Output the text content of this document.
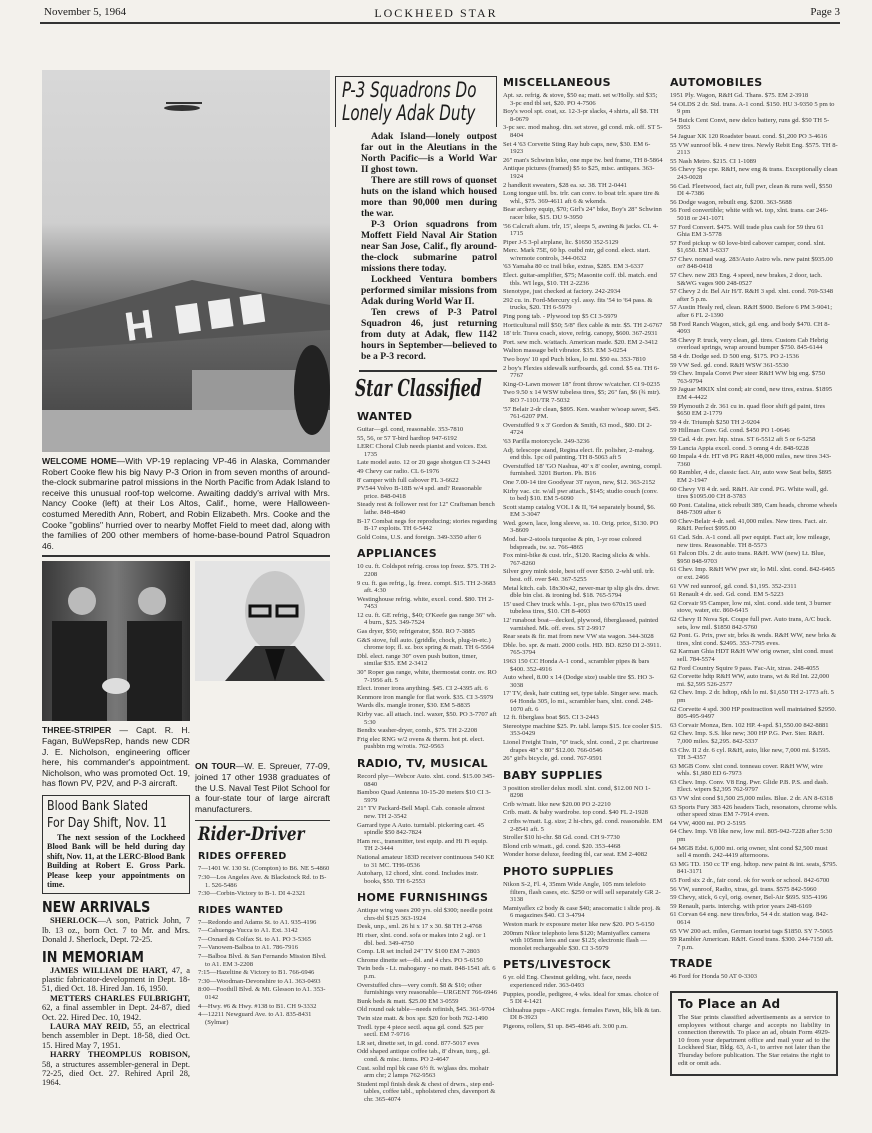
November 5, 1964	LOCKHEED STAR	Page 3
WELCOME HOME—With VP-19 replacing VP-46 in Alaska, Commander Robert Cooke flew his big Navy P-3 Orion in from seven months of around-the-clock submarine patrol missions in the North Pacific from Adak Island to receive this unusual roof-top welcome. Awaiting daddy's arrival with Mrs. Nancy Cooke (left) at their Los Altos, Calif., home, were Halloween-costumed Meredith Ann, Robert, and Robin Elizabeth. Mrs. Cooke and the Cooke ''goblins'' hurried over to nearby Moffet Field to meet dad, along with the families of 200 other members of home-base-bound Patrol Squadron 46.
THREE-STRIPER — Capt. R. H. Fagan, BuWepsRep, hands new CDR J. E. Nicholson, engineering officer here, his commander's appointment. Nicholson, who was promoted Oct. 19, has flown PV, P2V, and P-3 aircraft.
Blood Bank Slated
For Day Shift, Nov. 11

The next session of the Lockheed Blood Bank will be held during day shift, Nov. 11, at the LERC-Blood Bank Building at Robert E. Gross Park. Please keep your appointments on time.

NEW ARRIVALS

SHERLOCK—A son, Patrick John, 7 lb. 13 oz., born Oct. 7 to Mr. and Mrs. Donald J. Sherlock, Dept. 72-25.

IN MEMORIAM

JAMES WILLIAM DE HART, 47, a plastic fabricator-development in Dept. 18-51, died Oct. 18. Hired Jan. 16, 1950.

METTERS CHARLES FULBRIGHT, 62, a final assembler in Dept. 24-87, died Oct. 22. Hired Dec. 10, 1942.

LAURA MAY REID, 55, an electrical bench assembler in Dept. 18-58, died Oct. 15. Hired May 7, 1951.

HARRY THEOMPLUS ROBISON, 58, a structures assembler-general in Dept. 72-25, died Oct. 27. Rehired April 28, 1964.

ON TOUR—W. E. Spreuer, 77-09, joined 17 other 1938 graduates of the U.S. Naval Test Pilot School for a four-state tour of large aircraft manufacturers.
Rider-Driver
RIDES OFFERED
7—1401 W. 130 St. (Compton) to B6. NE 5-4860
7:30—Los Angeles Ave. & Blackstock Rd. to B-1. 526-5486
7:30—Corbin-Victory to B-1. DI 4-2321
RIDES WANTED
7—Redondo and Adams St. to A1. 935-4196
7—Cahuenga-Yucca to A1. Ext. 3142
7—Oxnard & Colfax St. to A1. PO 3-5365
7—Vanowen-Balboa to A1. 786-7916
7—Balboa Blvd. & San Fernando Mission Blvd. to A1. EM 3-2208
7:15—Hazeltine & Victory to B1. 766-6946
7:30—Woodman-Devonshire to A1. 363-0493
8:00—Foothill Blvd. & Mt. Glesson to A1. 353-0142
4—Hwy. #6 & Hwy. #138 to B1. CH 9-3332
4—12211 Newguard Ave. to A1. 835-8431 (Sylmar)
P-3 Squadrons Do
Lonely Adak Duty

Adak Island—lonely outpost far out in the Aleutians in the North Pacific—is a World War II ghost town.

There are still rows of quonset huts on the island which housed more than 90,000 men during the war.

P-3 Orion squadrons from Moffett Field Naval Air Station near San Jose, Calif., fly around-the-clock submarine patrol missions there today.

Lockheed Ventura bombers performed similar missions from Adak during World War II.

Ten crews of P-3 Patrol Squadron 46, just returning from duty at Adak, flew 1142 hours in September—believed to be a P-3 record.

Star Classified
WANTED
Guitar—gd. cond, reasonable. 353-7810
55, 56, or 57 T-bird hardtop 947-6192
LERC Choral Club needs pianist and voices. Ext. 1735
Late model auto. 12 or 20 gage shotgun CI 3-2443
49 Chevy car radio. CL 6-1976
8' camper with full cabover FL 3-6622
PV544 Volvo B-18B w/4 spd. and? Reasonable price. 848-0418
Steady rest & follower rest for 12" Craftsman bench lathe. 848-4840
B-17 Combat negs for reproducing; stories regarding B-17 exploits. TH 6-5442
Gold Coins, U.S. and foreign. 349-3350 after 6
APPLIANCES
10 cu. ft. Coldspot refrig. cross top freez. $75. TH 2-2208
9 cu. ft. gas refrig., lg. freez. compt. $15. TH 2-3683 aft. 4:30
Westinghouse refrig. white, excel. cond. $80. TH 2-7453
12 cu. ft. GE refrig., $40; O'Keefe gas range 36" wh. 4 burn., $25. 349-7524
Gas dryer, $50; refrigerator, $50. RO 7-3885
G&S stove, full auto. (griddle, chock, plug-in-etc.) chrome top; fl. sz. box spring & matt. TH 6-5564
Dbl. elect. range 30" oven push button, timer, similar $35. EM 2-3412
30" Roper gas range, white, thermostat contr. ov. RO 7-1956 aft. 5
Elect. ironer irons anything. $45. CI 2-4395 aft. 6
Kenmore iron mangle for flat work. $35. CI 3-5979
Wards dlx. mangle ironer, $30. EM 5-8835
Kirby vac. all attach. incl. waxer, $50. PO 3-7707 aft 5:30
Bendix washer-dryer, comb., $75. TH 2-2208
Frig elec RNG w/2 ovens & therm. hot pt. elect. pushbtn rng w/rotis. 762-9563
RADIO, TV, MUSICAL
Record plyr—Webcor Auto. xlnt. cond. $15.00 345-0840
Bamboo Quad Antenna 10-15-20 meters $10 CI 3-5979
21" TV Packard-Bell Mapl. Cab. console almost new. TH 2-3542
Garrard type A Auto. turntabl. pickering cart. 45 spindle $50 842-7824
Ham rec., transmitter, test equip. and Hi Fi equip. TH 2-3444
National amateur 183D receiver continuous 540 KE to 31 MC. TH6-0536
Autoharp, 12 chord, xlnt. cond. Includes instr. books, $50. TH 6-2553
HOME FURNISHINGS
Antique wing vases 200 yrs. old $300; needle point chrs-tbl $125 363-1924
Desk, unp., sml. 26 hi x 17 x 30. $8 TH 2-4768
Hi riser, xlnt. cond. sofa or makes into 2 sgl. or 1 dbl. bed. 349-4750
Comp. LR set includ 24" TV $100 EM 7-2803
Chrome dinette set—tbl. and 4 chrs. PO 5-6150
Twin beds - Lt. mahogany - no matt. 848-1541 aft. 6 p.m.
Overstuffed chrs—very comft. $8 & $10; other furnishings very reasonable—URGENT 766-6946
Bunk beds & matt. $25.00 EM 3-0559
Old round oak table—needs refinish, $45. 361-9704
Twin size matt. & box spr. $20 for both 762-1490
Tredl. type 4 piece sectl. aqua gd. cond. $25 per sectl. EM 7-9716
LR set, dinette set, in gd. cond. 877-5017 eves
Odd shaped antique coffee tab., 8' divan, turq., gd. cond. & misc. items. PO 2-4647
Cust. solid mpl bk case 6½ ft. w/glass drs. mohair arm chr; 2 lamps 762-9563
Student mpl finish desk & chest of drwrs., step end-tables, coffee tabl., upholstered chrs, davenport & chr. 365-4074
MISCELLANEOUS
Apt. sz. refrig. & stove, $50 ea; matt. set w/Holly. std $35; 3-pc end tbl set, $20. PO 4-7506
Boy's wool spt. coat, sz. 12-3-pr slacks, 4 shirts, all $8. TH 8-0679
3-pc sec. mod mahog. din. set stove, gd cond. mk. off. ST 5-8404
Set 4 '63 Corvette Sting Ray hub caps, new, $30. EM 6-1923
26" man's Schwinn bike, one mpe tw. bed frame, TH 8-5864
Antique pictures (framed) $5 to $25, misc. antiques. 363-1924
2 handknit sweaters, $28 ea. sz. 38. TH 2-0441
Long tongue util. bx. trlr. can conv. to boat trlr. spare tire & whl., $75. 369-4611 aft 6 & wkends.
Bear archery equip, $70; Girl's 24" bike, Boy's 28" Schwinn racer bike, $15. DU 9-3950
'56 Calcraft alum. trlr, 15', sleeps 5, awning & jacks. CL 4-1715
Piper J-5 3-pl airplane, lic. $1650 352-5129
Merc. Mark 75E, 60 hp. outbd mtr, gd cond. elect. start. w/remote controls, 344-0632
'63 Yamaha 80 cc trail bike, extras, $285. EM 3-6337
Elect. guitar-amplifier, $75; Masonite coff. tbl. match. end tbls. WI legs, $10. TH 2-2236
Stenotype, just checked at factory. 242-2934
292 cu. in. Ford-Mercury cyl. assy. fits '54 to '64 pass. & trucks, $20. TH 6-5979
Ping pong tab. - Plywood top $5 CI 3-5979
Horticultural mill $50; 5/8" flex cable & mtr. $5. TH 2-6767
18' trlr. Trava coach, stove, refrig. canopy, $600. 367-2931
Port. sew mch. w/attach. American made. $20. EM 2-3412
Walton massage belt vibrator. $35. EM 3-0254
Two boys' 10 spd Puch bikes, lo mi. $50 ea. 353-7810
2 boy's Flexies sidewalk surfboards, gd. cond. $5 ea. TH 6-7767
King-O-Lawn mower 18" front throw w/catcher. CI 9-0235
Two 9.50 x 14 WSW tubeless tires, $5; 26" fan, $6 (¾ mtr). RO 7-1101/TR 7-5032
'57 Belair 2-dr clean, $895. Ken. washer w/soap saver, $45. 761-6207 PM.
Overstuffed 9 x 3' Gordon & Smith, 63 mod., $80. DI 2-4724
'63 Parilla motorcycle. 249-3236
Adj. telescope stand, Regina elect. flr. polisher, 2-mahog. end tbls. 1pc oil painting. TH 8-5063 aft 5
Overstuffed 18' 'GO Nashua, 40' x 8' cooler, awning, compl. furnished. 3201 Burton. Ph. B16
One 7.00-14 tire Goodyear 3T rayon, new, $12. 363-2152
Kirby vac. cir. w/all pwr attach., $145; studio couch (conv. to bed) $10. EM 5-6090
Scott stamp catalog VOL I & II, '64 separately bound, $6. EM 3-3047
Wed. gown, lace, long sleeve, ss. 10. Orig. price, $130. PO 3-8609
Mod. bar-2-stools turquoise & pin, 1-yr rose colored bdspreads, tw. sz. 766-4865
Fox mini-bike & cust. trlr., $120. Racing slicks & whls. 767-8260
Silver grey mink stole, best off over $350. 2-whl util. trlr. best. off. over $40. 367-5255
Metal kitch. cab. 18x30x42, never-mar tp slip gls drs. drwr. dble bin clst. & ironing bd. $18. 765-5794
15' used Chev truck whls. 1-pr., plus two 670x15 used tubeless tires, $10. CH 8-4093
12' runabout boat—decked, plywood, fiberglassed, painted varnished. Mk. off. eves. ST 2-9917
Rear seats & fir. mat from new VW sta wagon. 344-3028
Dble. bo. spr. & matt. 2000 coils. HD. BD. 8250 DI 2-3911. 765-3794
1963 150 CC Honda A-1 cond., scrambler pipes & bars $400. 352-4916
Auto wheel, 8.00 x 14 (Dodge size) usable tire $5. HO 3-3038
17' TV, desk, hair cutting set, type table. Singer sew. mach. 64 Honda 305, lo mi., scrambler bars, xlnt. cond. 248-1070 aft. 6
12 ft. fiberglass boat $65. CI 3-2443
Stereotype machine $25. Pr. tabl. lamps $15. Ice cooler $15. 353-0429
Lionel Freight Train, "0" track, xlnt. cond., 2 pr. chartreuse drapes 48" x 80" $12.00. 766-0546
26" girl's bicycle, gd. cond. 767-9591
BABY SUPPLIES
3 position stroller delux modl. xlnt. cond, $12.00 NO 1-8298
Crib w/matt. like new $20.00 PO 2-2210
Crib. matt. & baby wardrobe. top cond. $40 FL 2-1928
2 cribs w/matt. Lg. size; 2 hi-chrs, gd. cond. reasonable. EM 2-8541 aft. 5
Stroller $10 hi-chr. $8 Gd. cond. CH 9-7730
Blond crib w/matt., gd. cond. $20. 353-4468
Wonder horse deluxe, feeding tbl, car seat. EM 2-4082
PHOTO SUPPLIES
Nikon S-2, Fl. 4, 35mm Wide Angle, 105 mm telefoto filters, flash cases, etc. $250 or will sell separately GR 2-3138
Mamiyaflex c2 body & case $40; anscomatic i slide proj. & 6 magazines $40. CI 3-4794
Weston mark iv exposure meter like new $20. PO 5-6150
200mm Nikor telephoto lens $120; Mamiyaflex camera with 105mm lens and case $125; electronic flash — monolet rechargeable $30. CI 3-5979
PETS/LIVESTOCK
6 yr. old Eng. Chestnut gelding, wht. face, needs experienced rider. 363-0493
Puppies, poodle, pedigree, 4 wks. ideal for xmas. choice of 5 DI 4-1421
Chihuahua pups - AKC regis. females Fawn, blk, blk & tan. DI 8-3923
Pigeons, rollers, $1 up. 845-4846 aft. 3:00 p.m.
AUTOMOBILES
1951 Ply. Wagon, R&H Gd. Thans. $75. EM 2-3918
54 OLDS 2 dr. Std. trans. A-1 cond. $150. HU 3-9350 5 pm to 9 pm
54 Buick Cent Convt, new delco battery, runs gd. $50 TH 5-5953
54 Jaguar XK 120 Roadster beaut. cond. $1,200 PO 3-4616
55 VW sunroof blk. 4 new tires. Newly Rebit Eng. $575. TH 8-2113
55 Nash Metro. $215. CI 1-1089
56 Chevy Spe cpe. R&H, new eng & trans. Exceptionally clean 243-0028
56 Cad. Fleetwood, fact air, full pwr, clean & runs well, $550 DI 4-7386
56 Dodge wagon, rebuilt eng. $200. 363-5688
56 Ford convertible; white with wt. top, xlnt. trans. car 246-5018 or 241-1071
57 Ford Convert. $475. Will trade plus cash for 59 thru 61 Ghia EM 3-5778
57 Ford pickup w 60 love-bird cabover camper, cond. xlnt. $1,650. EM 3-6337
57 Chev. nomad wag. 283/Auto Astro wls. new paint $935.00 or? 848-0418
57 Chev. new 283 Eng. 4 speed, new brakes, 2 door, tach. S&WG vages 900 248-0527
57 Chevy 2 dr. Bel Air H/T. R&H 3 spd. xlnt. cond. 769-5348 after 5 p.m.
57 Austin Healy red, clean. R&H $900. Before 6 PM 3-9041; after 6 FL 2-1390
58 Ford Ranch Wagon, stick, gd. eng. and body $470. CH 8-4093
58 Chevy P. truck, very clean, gd. tires. Custom Cab Hebrig overload springs, wrap around bumper $750. 845-6144
58 4 dr. Dodge sed. D 500 eng. $175. PO 2-1536
59 VW Sed. gd. cond. R&H WSW 361-5530
59 Chev. Impala Convt Pwr steer R&H WW big eng. $750 763-9794
59 Jaguar MKIX xlnt cond; air cond, new tires, extras. $1895 EM 4-4422
59 Plymouth 2 dr. 361 cu in. quad floor shift gd paint, tires $650 EM 2-1779
59 4 dr. Triumph $250 TH 2-9204
59 Hillman Conv. Gd. cond. $450 PO 1-0646
59 Cad. 4 dr. pwr. htp. xtras. ST 6-5512 aft 5 or 6-5258
59 Lancia Appia excel. cond. 3 omng 4 dr. 848-9228
60 Impala 4 dr. HT v8 PG R&H 48,000 miles, new tires 343-7360
60 Rambler, 4 dr., classic fact. Air, auto wsw Seat belts, $895 EM 2-1947
60 Chevy V8 4 dr. sed. R&H. Air cond. PG. White wall, gd. tires $1095.00 CH 8-3783
60 Pont. Catalina, stick rebuilt 389, Cam heads, chrome wheels 848-7309 after 6
60 Chev-Belair 4-dr. sed. 41,000 miles. New tires. Fact. air. R&H. Perfect $995.00
61 Cad. Sdn. A-1 cond. all pwr equipt. Fact air, low mileage, new tires. Reasonable. TH 8-5573
61 Falcon Dlx. 2 dr. auto trans. R&H. WW (new) Lt. Blue, $950 848-9703
61 Chev. Imp. R&H WW pwr str, lo Mil. xlnt. cond. 842-6465 or ext. 2466
61 VW red sunroof, gd. cond. $1,195. 352-2311
61 Renault 4 dr. sed. Gd. cond. EM 5-5223
62 Corvair 95 Camper, low mi, xlnt. cond. side tent, 3 burner stove, water, etc. 860-6415
62 Chevy II Nova Spt. Coupe full pwr. Auto trans, A/C buck. sets, low mil. $1850 842-5760
62 Pont. G. Prix, pwr str, brks & wnds. R&H WW, new brks & tires, xlnt cond. $2495. 353-7795 eves.
62 Karman Ghia HDT R&H WW orig owner, xlnt cond. must sell. 784-5574
62 Ford Country Squire 9 pass. Fac-Air, xtras. 248-4055
62 Corvette hdtp R&H WW, auto trans, wt & Rd Int. 22,000 mi. $2,595 526-2577
62 Chev. Imp. 2 dr. hdtop, r&h lo mi. $1,650 TH 2-1773 aft. 5 pm
62 Corvette 4 spd. 300 HP positraction well maintained $2950. 805-495-9497
63 Corvair Monza, Brn. 102 HP. 4-spd. $1,550.00 842-8881
62 Chev. Imp. S.S. like new; 300 HP P.G. Pwr. Ster. R&H. 7,000 miles. $2,295. 842-5337
63 Chv. II 2 dr. 6 cyl. R&H, auto, like new, 7,000 mi. $1595. TH 3-4357
63 MGB Conv. xlnt cond. tonneau cover. R&H WW, wire whls. $1,980 ED 6-7973
63 Chev. Imp. Conv. V8 Eng. Pwr. Glide P.B. P.S. and dash. Elect. wipers $2,395 762-9797
63 VW xlnt cond $1,500 25,000 miles. Blue. 2 dr. AN 8-6318
63 Sports Fury 383 426 headers Tach, resonators, chrome whls. other speed xtras EM 7-7914 even.
64 VW, 4000 mi. PO 2-5195
64 Chev. Imp. V8 like new, low mil. 805-942-7228 after 5:30 pm
64 MGB Edst. 6,000 mi. orig owner, xlnt cond $2,500 must sell 4 month. 242-4419 afternoons.
63 MG TD. 150 cc TF eng. hdtop. new paint & int. seats, $795. 841-3171
65 Ford six 2 dr., fair cond. ok for work or school. 842-6700
56 VW, sunroof, Radio, xtras, gd. trans. $575 842-5960
59 Chevy, stick, 6 cyl, orig. owner, Bel-Air $695. 935-4196
59 Renault, parts. interchg. with prior years 248-6169
61 Corvan 64 eng. new tires/brks, 54 4 dr. station wag. 842-0614
65 VW 200 act. miles, German tourist tags $1850. SY 7-5065
59 Rambler American. R&H. Good trans. $300. 244-7150 aft. 7 p.m.
TRADE
46 Ford for Honda 50 AT 0-3303
To Place an Ad
The Star prints classified advertisements as a service to employees without charge and accepts no liability in connection therewith. To place an ad, obtain Form 4929-10 from your department office and mail your ad to the Lockheed Star, Bldg. 63, A-1, to arrive not later than the Thursday before publication. The Star retains the right to edit or omit ads.
